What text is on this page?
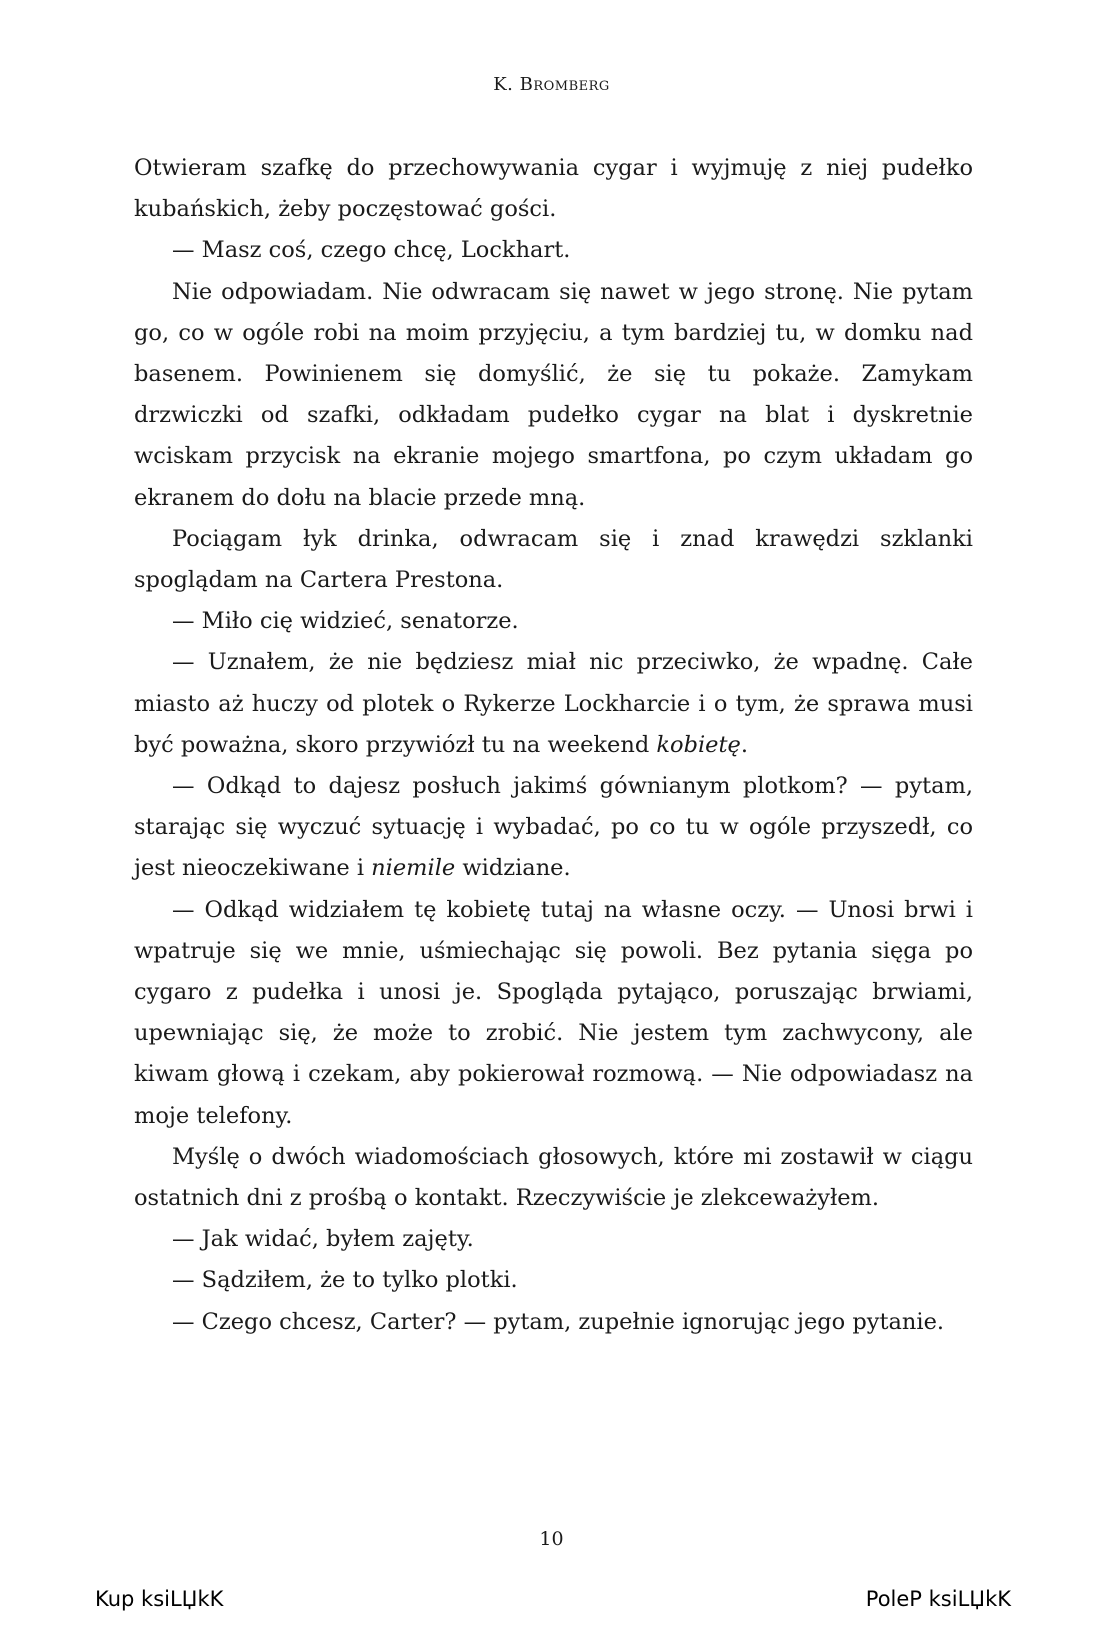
K. Bromberg

Otwieram szafkę do przechowywania cygar i wyjmuję z niej pudełko kubańskich, żeby poczęstować gości.

— Masz coś, czego chcę, Lockhart.

Nie odpowiadam. Nie odwracam się nawet w jego stronę. Nie pytam go, co w ogóle robi na moim przyjęciu, a tym bardziej tu, w domku nad basenem. Powinienem się domyślić, że się tu pokaże. Zamykam drzwiczki od szafki, odkładam pudełko cygar na blat i dyskretnie wciskam przycisk na ekranie mojego smartfona, po czym układam go ekranem do dołu na blacie przede mną.

Pociągam łyk drinka, odwracam się i znad krawędzi szklanki spoglądam na Cartera Prestona.

— Miło cię widzieć, senatorze.

— Uznałem, że nie będziesz miał nic przeciwko, że wpadnę. Całe miasto aż huczy od plotek o Rykerze Lockharcie i o tym, że sprawa musi być poważna, skoro przywiózł tu na weekend kobietę.

— Odkąd to dajesz posłuch jakimś gównianym plotkom? — pytam, starając się wyczuć sytuację i wybadać, po co tu w ogóle przyszedł, co jest nieoczekiwane i niemile widziane.

— Odkąd widziałem tę kobietę tutaj na własne oczy. — Unosi brwi i wpatruje się we mnie, uśmiechając się powoli. Bez pytania sięga po cygaro z pudełka i unosi je. Spogląda pytająco, poruszając brwiami, upewniając się, że może to zrobić. Nie jestem tym zachwycony, ale kiwam głową i czekam, aby pokierował rozmową. — Nie odpowiadasz na moje telefony.

Myślę o dwóch wiadomościach głosowych, które mi zostawił w ciągu ostatnich dni z prośbą o kontakt. Rzeczywiście je zlekceważyłem.

— Jak widać, byłem zajęty.

— Sądziłem, że to tylko plotki.

— Czego chcesz, Carter? — pytam, zupełnie ignorując jego pytanie.

10
Kup ksiLЏkK	PoleP ksiLЏkK
